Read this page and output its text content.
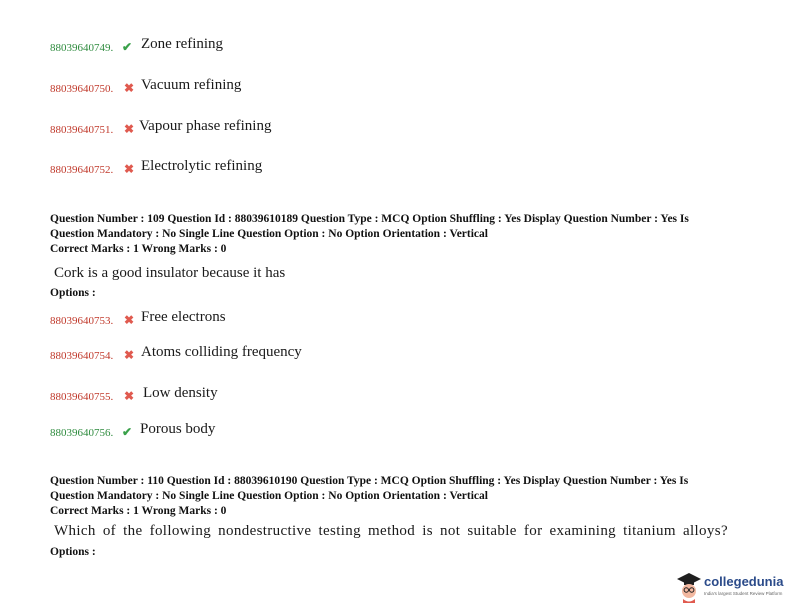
88039640749. ✔ Zone refining
88039640750. ✖ Vacuum refining
88039640751. ✖ Vapour phase refining
88039640752. ✖ Electrolytic refining
Question Number : 109 Question Id : 88039610189 Question Type : MCQ Option Shuffling : Yes Display Question Number : Yes Is
Question Mandatory : No Single Line Question Option : No Option Orientation : Vertical
Correct Marks : 1 Wrong Marks : 0
Cork is a good insulator because it has
Options :
88039640753. ✖ Free electrons
88039640754. ✖ Atoms colliding frequency
88039640755. ✖ Low density
88039640756. ✔ Porous body
Question Number : 110 Question Id : 88039610190 Question Type : MCQ Option Shuffling : Yes Display Question Number : Yes Is
Question Mandatory : No Single Line Question Option : No Option Orientation : Vertical
Correct Marks : 1 Wrong Marks : 0
Which of the following nondestructive testing method is not suitable for examining titanium alloys?
Options :
collegedunia
India's largest Student Review Platform
